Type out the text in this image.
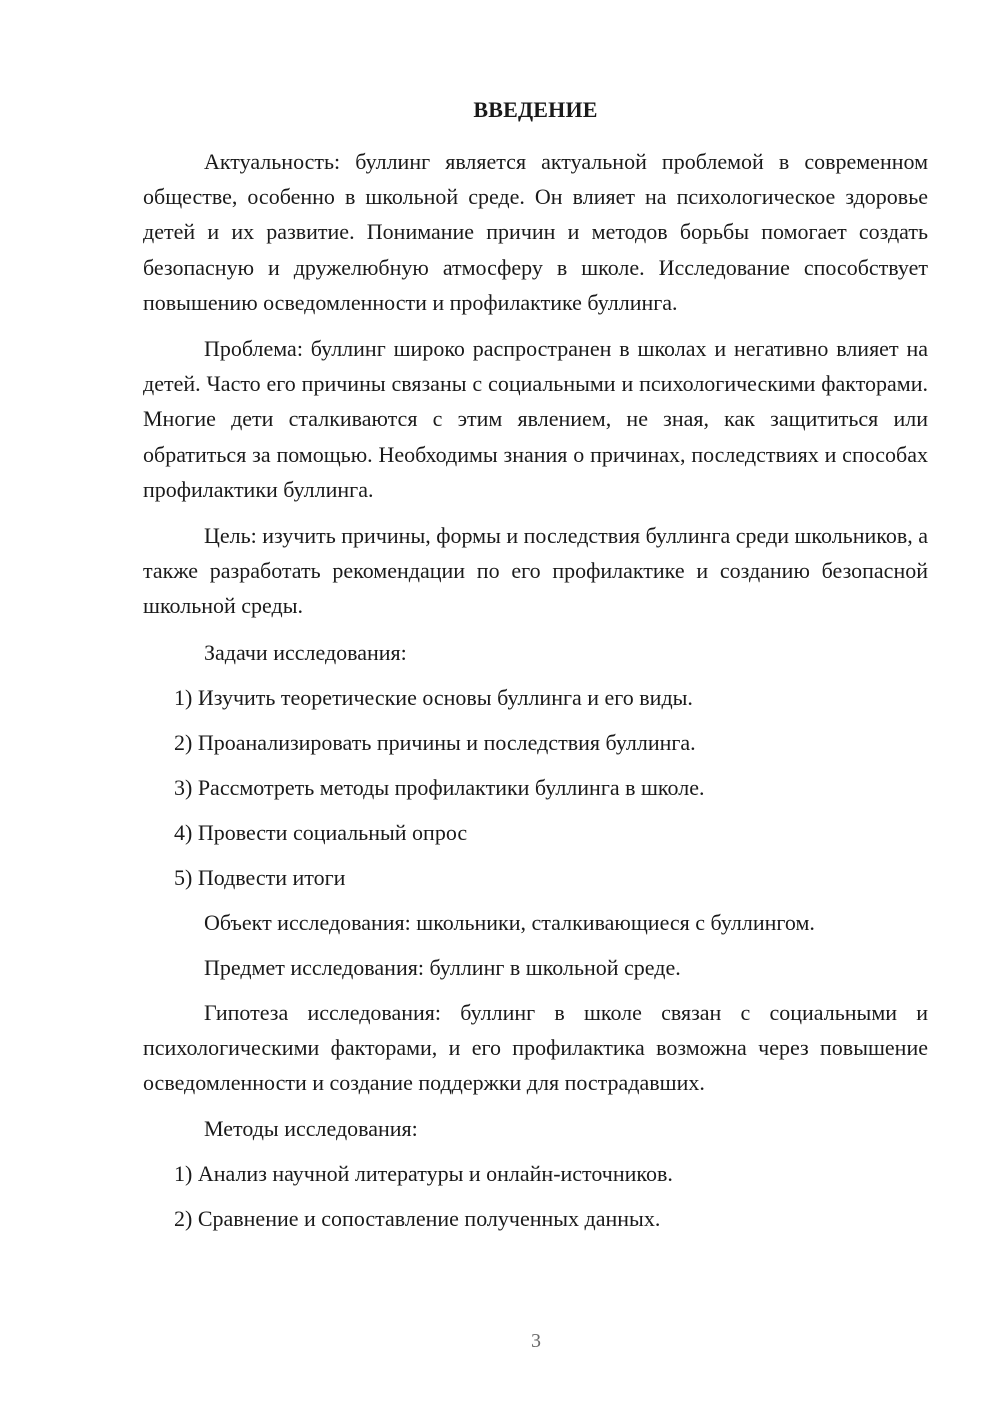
ВВЕДЕНИЕ

Актуальность: буллинг является актуальной проблемой в современном обществе, особенно в школьной среде. Он влияет на психологическое здоровье детей и их развитие. Понимание причин и методов борьбы помогает создать безопасную и дружелюбную атмосферу в школе. Исследование способствует повышению осведомленности и профилактике буллинга.

Проблема: буллинг широко распространен в школах и негативно влияет на детей. Часто его причины связаны с социальными и психологическими факторами. Многие дети сталкиваются с этим явлением, не зная, как защититься или обратиться за помощью. Необходимы знания о причинах, последствиях и способах профилактики буллинга.

Цель: изучить причины, формы и последствия буллинга среди школьников, а также разработать рекомендации по его профилактике и созданию безопасной школьной среды.

Задачи исследования:
1) Изучить теоретические основы буллинга и его виды.
2) Проанализировать причины и последствия буллинга.
3) Рассмотреть методы профилактики буллинга в школе.
4) Провести социальный опрос
5) Подвести итоги
Объект исследования: школьники, сталкивающиеся с буллингом.
Предмет исследования: буллинг в школьной среде.

Гипотеза исследования: буллинг в школе связан с социальными и психологическими факторами, и его профилактика возможна через повышение осведомленности и создание поддержки для пострадавших.

Методы исследования:
1) Анализ научной литературы и онлайн-источников.
2) Сравнение и сопоставление полученных данных.
3
